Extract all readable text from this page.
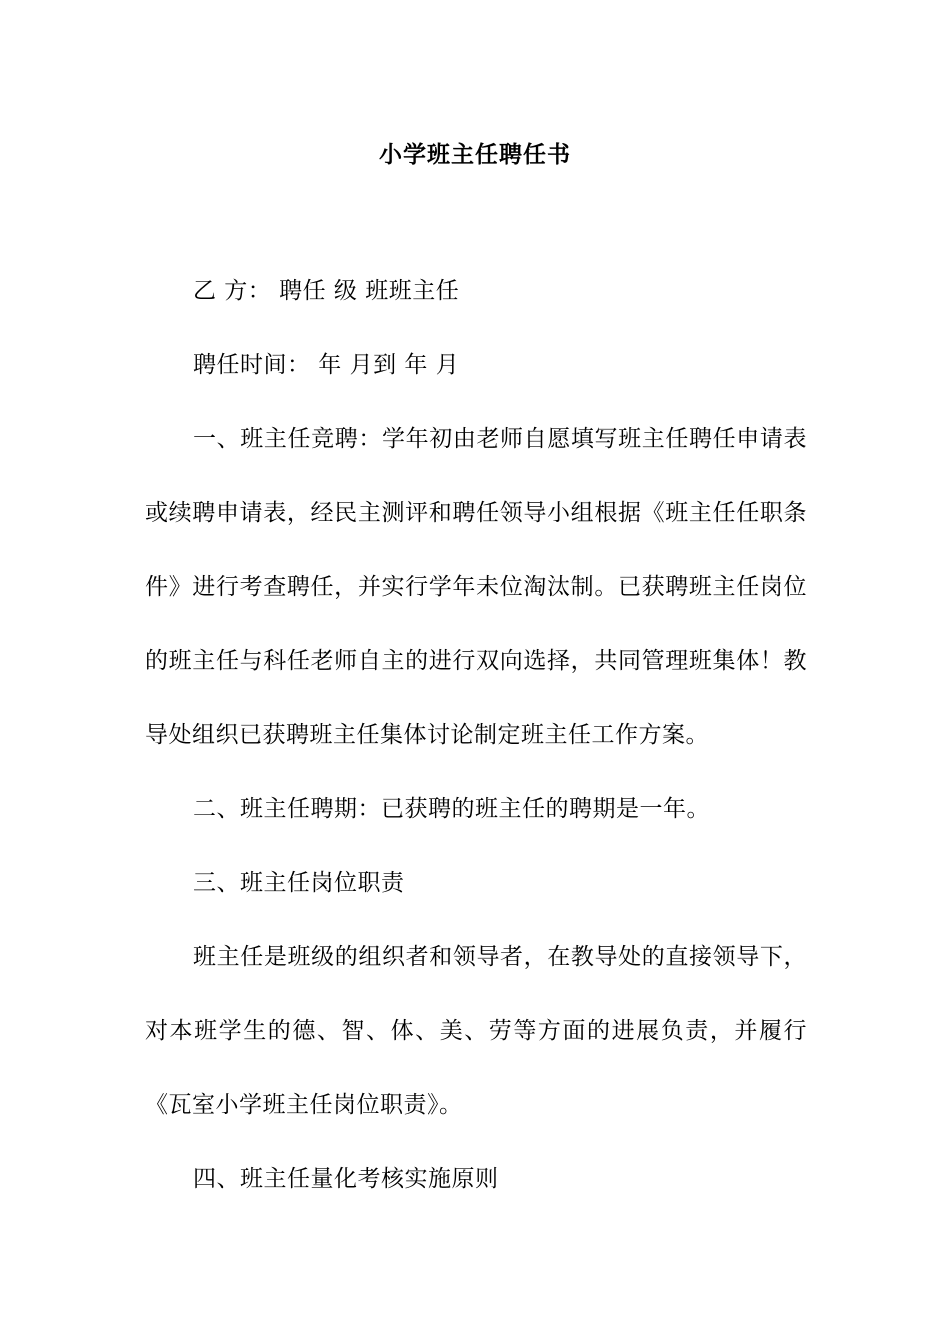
小学班主任聘任书

乙 方： 聘任 级 班班主任

聘任时间： 年 月到 年 月

一、班主任竞聘：学年初由老师自愿填写班主任聘任申请表或续聘申请表，经民主测评和聘任领导小组根据《班主任任职条件》进行考查聘任，并实行学年未位淘汰制。已获聘班主任岗位的班主任与科任老师自主的进行双向选择，共同管理班集体！教导处组织已获聘班主任集体讨论制定班主任工作方案。

二、班主任聘期：已获聘的班主任的聘期是一年。

三、班主任岗位职责

班主任是班级的组织者和领导者，在教导处的直接领导下，对本班学生的德、智、体、美、劳等方面的进展负责，并履行《瓦室小学班主任岗位职责》。

四、班主任量化考核实施原则
